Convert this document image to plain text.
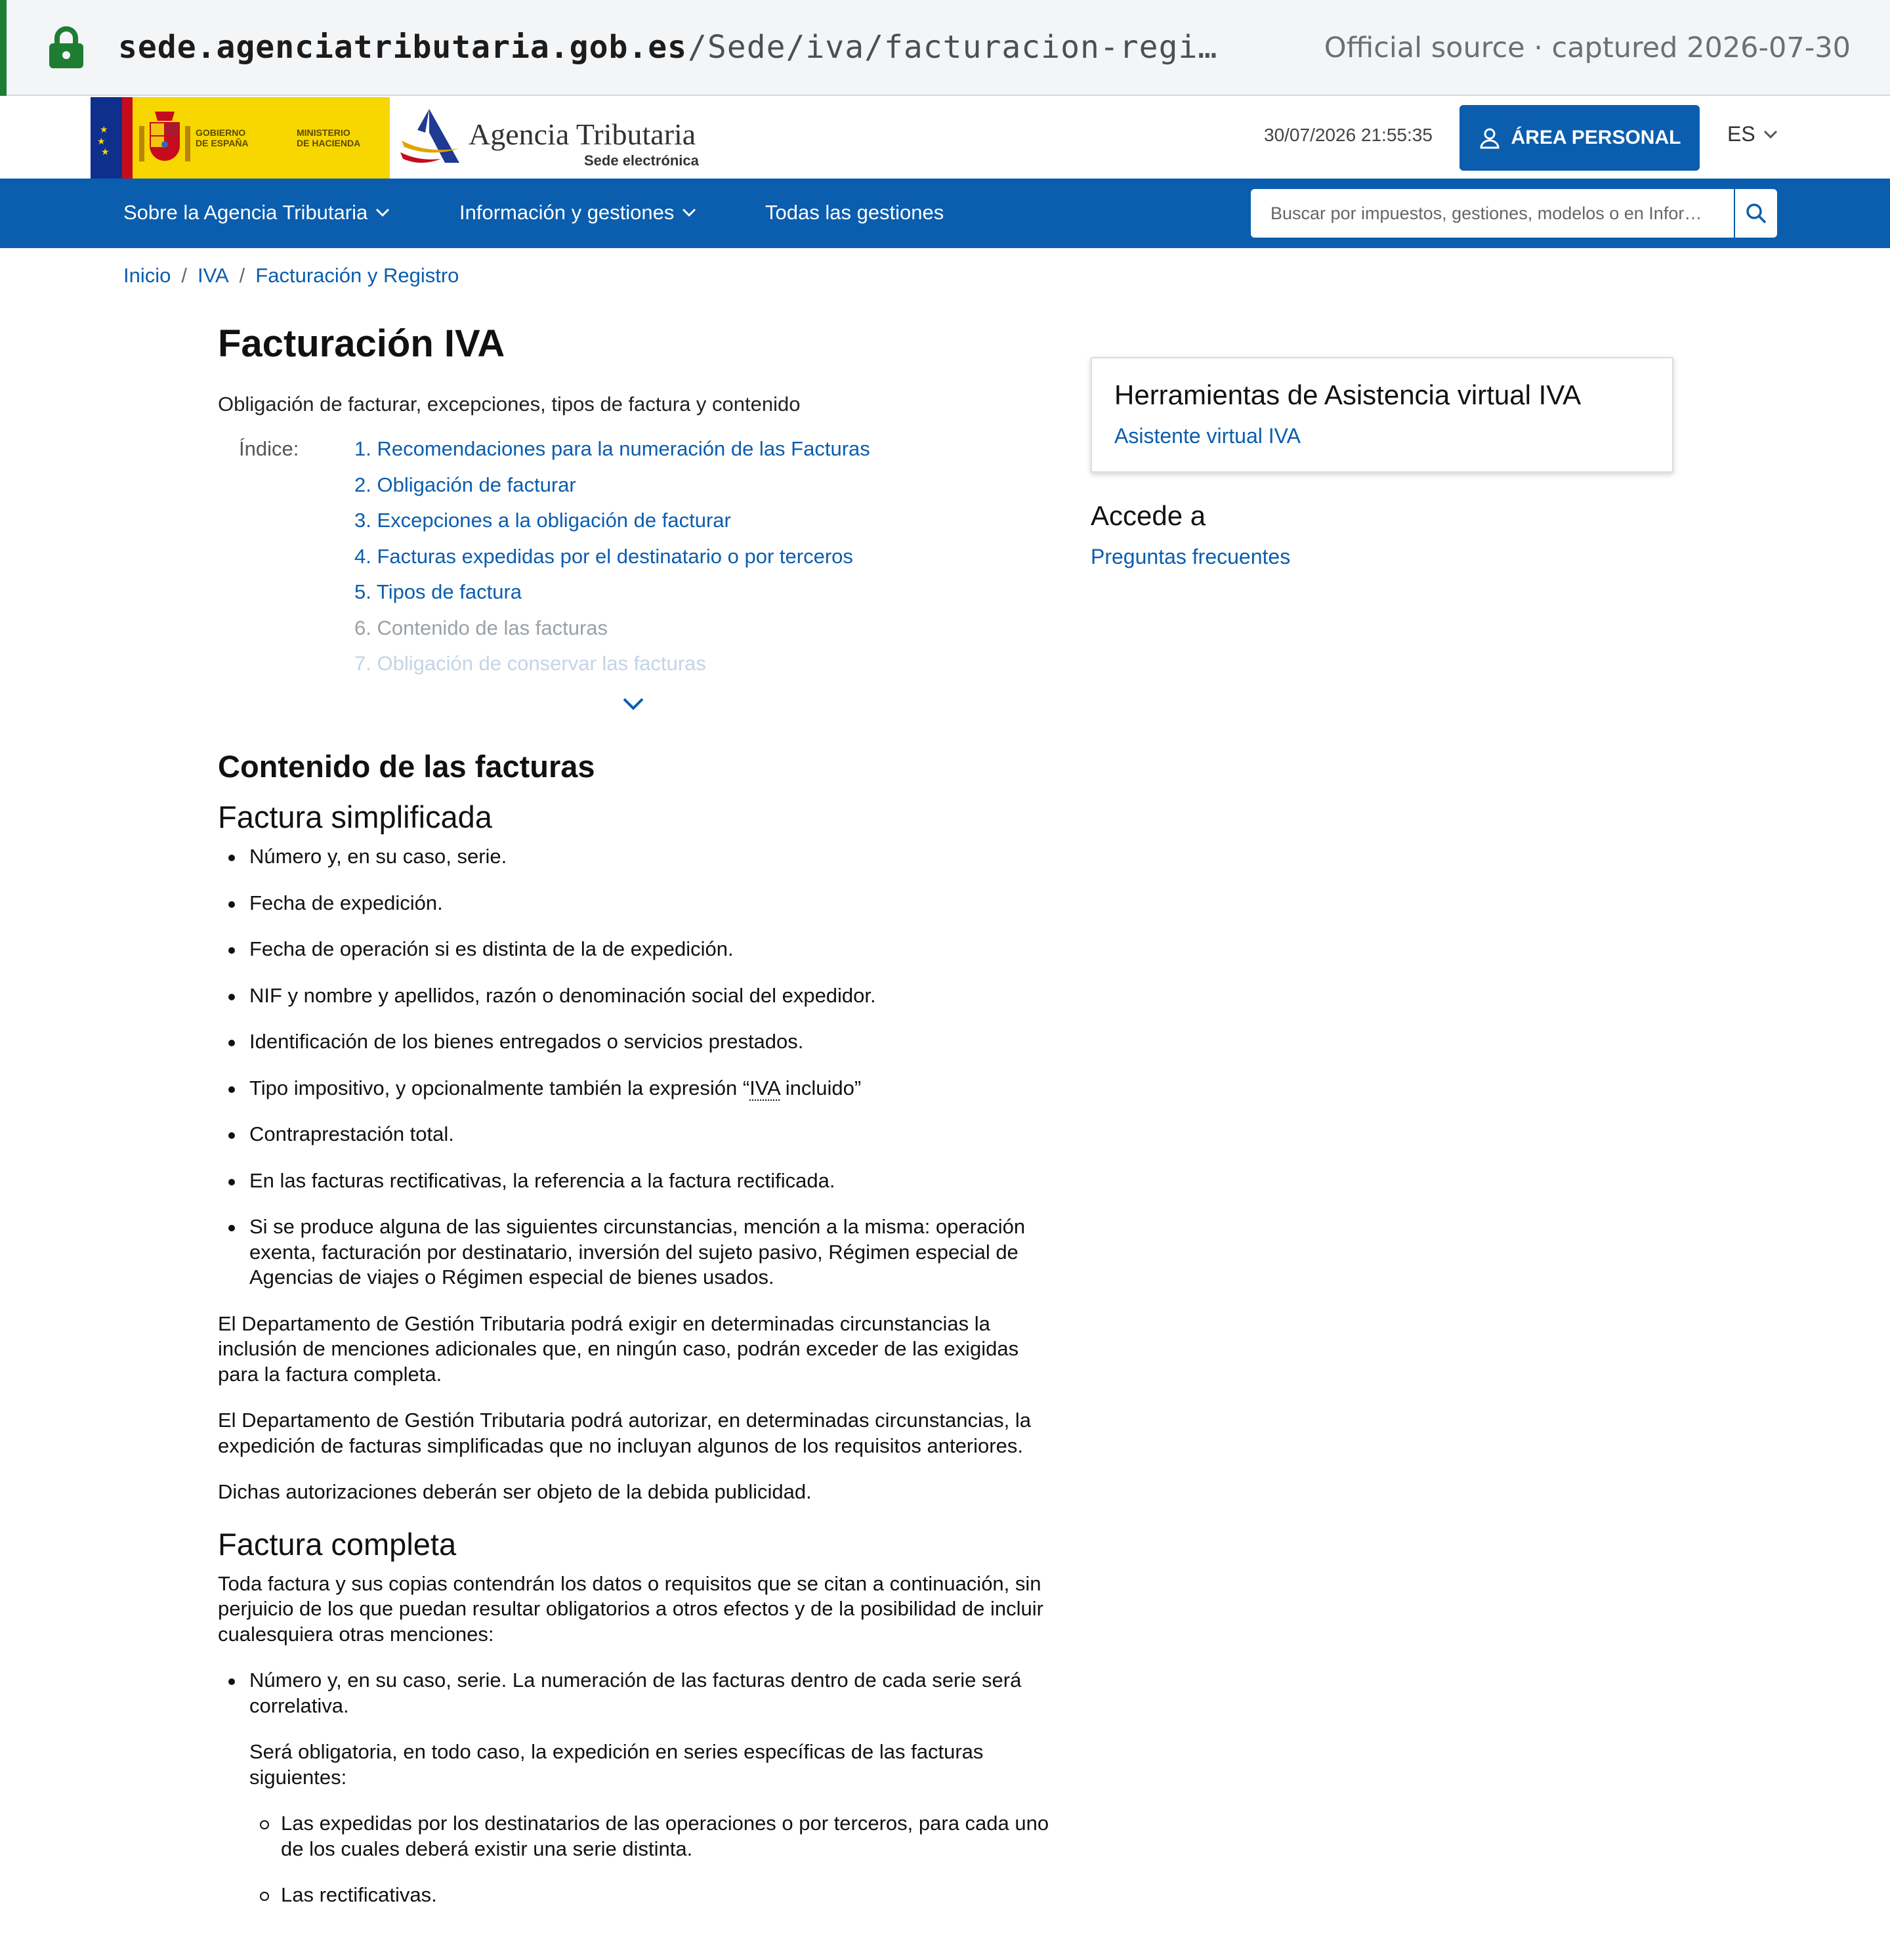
sede.agenciatributaria.gob.es /Sede/iva/facturacion-regi…	Official source · captured 2026-07-30
★
★
★
GOBIERNO
DE ESPAÑA
MINISTERIO
DE HACIENDA	Agencia Tributaria
Sede electrónica
30/07/2026 21:55:35	ÁREA PERSONAL ES
Sobre la Agencia Tributaria	Información y gestiones	Todas las gestiones
Buscar por impuestos, gestiones, modelos o en Infor…
Inicio / IVA / Facturación y Registro
Facturación IVA
Obligación de facturar, excepciones, tipos de factura y contenido
Índice:	1. Recomendaciones para la numeración de las Facturas
2. Obligación de facturar
3. Excepciones a la obligación de facturar
4. Facturas expedidas por el destinatario o por terceros
5. Tipos de factura
6. Contenido de las facturas
7. Obligación de conservar las facturas
Contenido de las facturas
Factura simplificada
Número y, en su caso, serie.
Fecha de expedición.
Fecha de operación si es distinta de la de expedición.
NIF y nombre y apellidos, razón o denominación social del expedidor.
Identificación de los bienes entregados o servicios prestados.
Tipo impositivo, y opcionalmente también la expresión “IVA incluido”
Contraprestación total.
En las facturas rectificativas, la referencia a la factura rectificada.
Si se produce alguna de las siguientes circunstancias, mención a la misma: operación exenta, facturación por destinatario, inversión del sujeto pasivo, Régimen especial de Agencias de viajes o Régimen especial de bienes usados.

El Departamento de Gestión Tributaria podrá exigir en determinadas circunstancias la inclusión de menciones adicionales que, en ningún caso, podrán exceder de las exigidas para la factura completa.

El Departamento de Gestión Tributaria podrá autorizar, en determinadas circunstancias, la expedición de facturas simplificadas que no incluyan algunos de los requisitos anteriores.

Dichas autorizaciones deberán ser objeto de la debida publicidad.

Factura completa

Toda factura y sus copias contendrán los datos o requisitos que se citan a continuación, sin perjuicio de los que puedan resultar obligatorios a otros efectos y de la posibilidad de incluir cualesquiera otras menciones:

Número y, en su caso, serie. La numeración de las facturas dentro de cada serie será correlativa.
Será obligatoria, en todo caso, la expedición en series específicas de las facturas siguientes:
Las expedidas por los destinatarios de las operaciones o por terceros, para cada uno de los cuales deberá existir una serie distinta.
Las rectificativas.
Herramientas de Asistencia virtual IVA
Asistente virtual IVA
Accede a
Preguntas frecuentes
